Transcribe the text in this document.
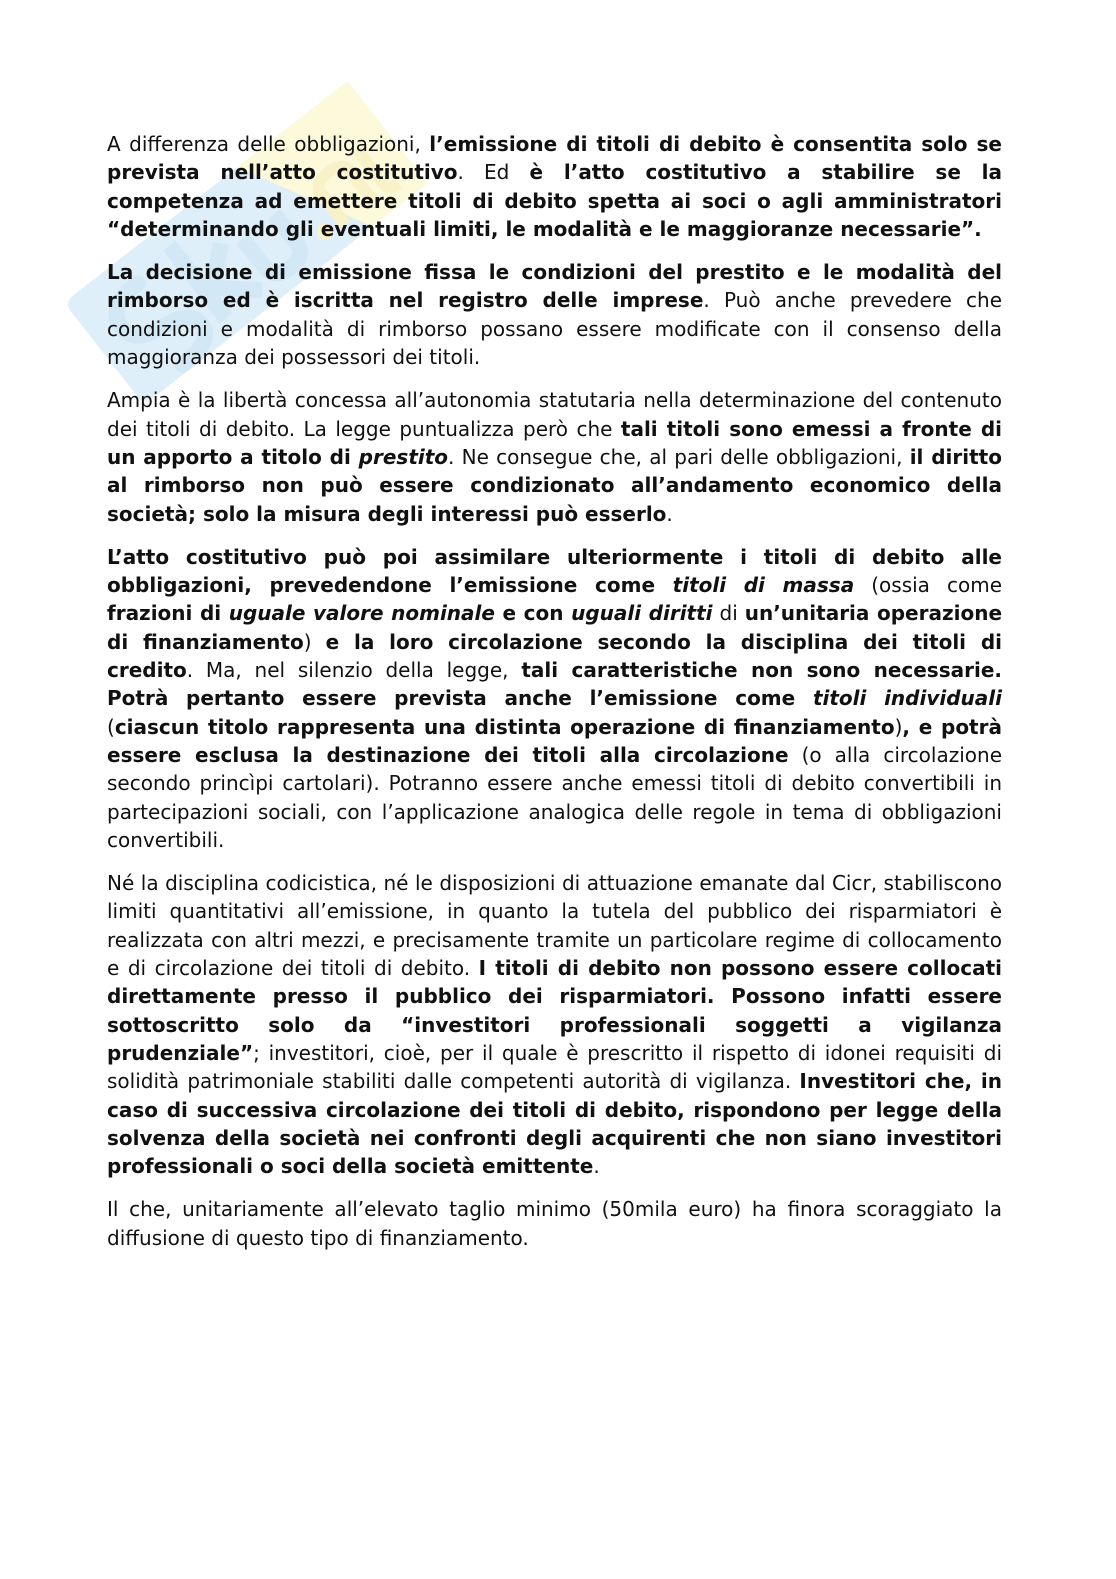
A differenza delle obbligazioni, l’emissione di titoli di debito è consentita solo se prevista nell’atto costitutivo. Ed è l’atto costitutivo a stabilire se la competenza ad emettere titoli di debito spetta ai soci o agli amministratori “determinando gli eventuali limiti, le modalità e le maggioranze necessarie”.

La decisione di emissione fissa le condizioni del prestito e le modalità del rimborso ed è iscritta nel registro delle imprese. Può anche prevedere che condizioni e modalità di rimborso possano essere modificate con il consenso della maggioranza dei possessori dei titoli.

Ampia è la libertà concessa all’autonomia statutaria nella determinazione del contenuto dei titoli di debito. La legge puntualizza però che tali titoli sono emessi a fronte di un apporto a titolo di prestito. Ne consegue che, al pari delle obbligazioni, il diritto al rimborso non può essere condizionato all’andamento economico della società; solo la misura degli interessi può esserlo.

L’atto costitutivo può poi assimilare ulteriormente i titoli di debito alle obbligazioni, prevedendone l’emissione come titoli di massa (ossia come frazioni di uguale valore nominale e con uguali diritti di un’unitaria operazione di finanziamento) e la loro circolazione secondo la disciplina dei titoli di credito. Ma, nel silenzio della legge, tali caratteristiche non sono necessarie. Potrà pertanto essere prevista anche l’emissione come titoli individuali (ciascun titolo rappresenta una distinta operazione di finanziamento), e potrà essere esclusa la destinazione dei titoli alla circolazione (o alla circolazione secondo princìpi cartolari). Potranno essere anche emessi titoli di debito convertibili in partecipazioni sociali, con l’applicazione analogica delle regole in tema di obbligazioni convertibili.

Né la disciplina codicistica, né le disposizioni di attuazione emanate dal Cicr, stabiliscono limiti quantitativi all’emissione, in quanto la tutela del pubblico dei risparmiatori è realizzata con altri mezzi, e precisamente tramite un particolare regime di collocamento e di circolazione dei titoli di debito. I titoli di debito non possono essere collocati direttamente presso il pubblico dei risparmiatori. Possono infatti essere sottoscritto solo da “investitori professionali soggetti a vigilanza prudenziale”; investitori, cioè, per il quale è prescritto il rispetto di idonei requisiti di solidità patrimoniale stabiliti dalle competenti autorità di vigilanza. Investitori che, in caso di successiva circolazione dei titoli di debito, rispondono per legge della solvenza della società nei confronti degli acquirenti che non siano investitori professionali o soci della società emittente.

Il che, unitariamente all’elevato taglio minimo (50mila euro) ha finora scoraggiato la diffusione di questo tipo di finanziamento.
